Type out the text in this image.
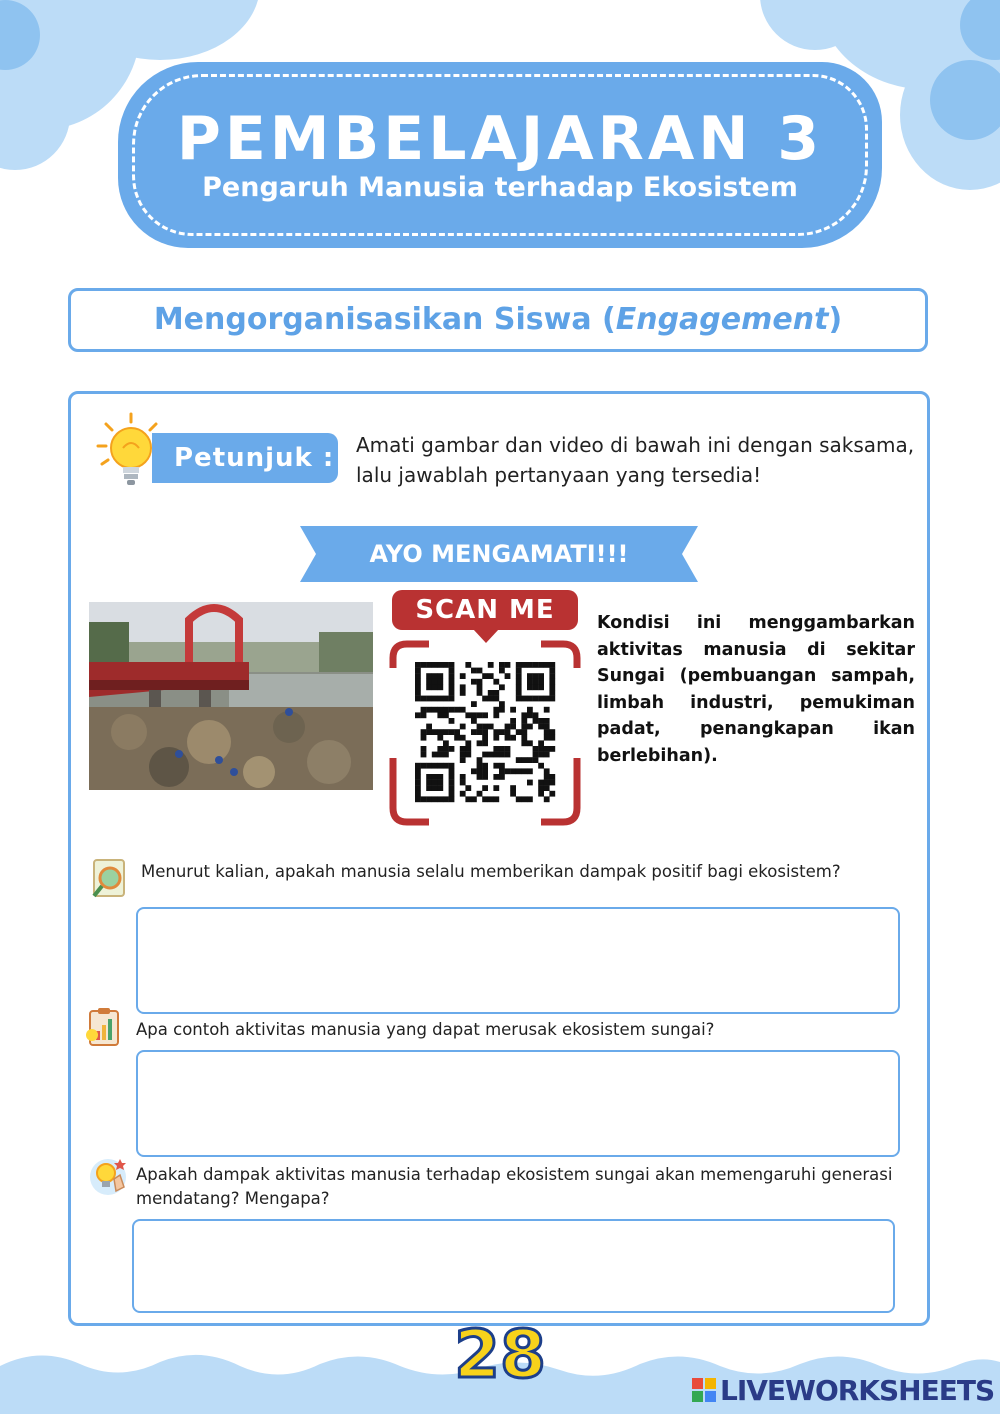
PEMBELAJARAN 3
Pengaruh Manusia terhadap Ekosistem
Mengorganisasikan Siswa (Engagement)
Petunjuk : Amati gambar dan video di bawah ini dengan saksama, lalu jawablah pertanyaan yang tersedia!
AYO MENGAMATI!!!
SCAN ME	Kondisi ini menggambarkan aktivitas manusia di sekitar Sungai (pembuangan sampah, limbah industri, pemukiman padat, penangkapan ikan berlebihan).
Menurut kalian, apakah manusia selalu memberikan dampak positif bagi ekosistem?
Apa contoh aktivitas manusia yang dapat merusak ekosistem sungai?
Apakah dampak aktivitas manusia terhadap ekosistem sungai akan memengaruhi generasi mendatang? Mengapa?
28	LIVEWORKSHEETS
